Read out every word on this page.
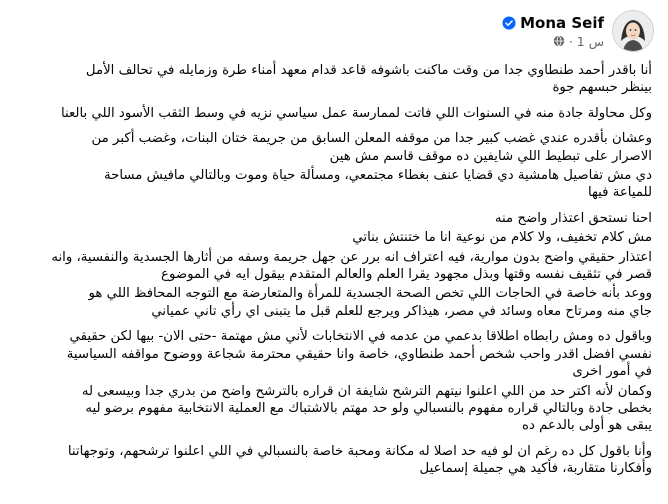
Mona Seif
1 س
·

أنا باقدر أحمد طنطاوي جدا من وقت ماكنت باشوفه قاعد قدام معهد أمناء طرة وزمايله في تحالف الأمل
بينظر حبسهم جوة

وكل محاولة جادة منه في السنوات اللي فاتت لممارسة عمل سياسي نزيه في وسط الثقب الأسود اللي بالعنا

وعشان بأقدره عندي غضب كبير جدا من موقفه المعلن السابق من جريمة ختان البنات، وغضب أكبر من
الاصرار على تبطيط اللي شايفين ده موقف قاسم مش هين

دي مش تفاصيل هامشية دي قضايا عنف بغطاء مجتمعي، ومسألة حياة وموت وبالتالي مافيش مساحة
للمياعة فيها

احنا نستحق اعتذار واضح منه

مش كلام تخفيف، ولا كلام من نوعية انا ما ختنتش بناتي

اعتذار حقيقي واضح بدون موارية، فيه اعتراف انه برر عن جهل جريمة وسفه من أثارها الجسدية والنفسية، وانه
قصر في تثقيف نفسه وقتها وبذل مجهود يقرا العلم والعالم المتقدم بيقول ايه في الموضوع

ووعد بأنه خاصة في الحاجات اللي تخص الصحة الجسدية للمرأة والمتعارضة مع التوجه المحافظ اللي هو
جاي منه ومرتاح معاه وسائد في مصر، هيذاكر ويرجع للعلم قبل ما يتبنى اي رأي تاني عمياني

وباقول ده ومش رابطاه اطلاقا بدعمي من عدمه في الانتخابات لأني مش مهتمة -حتى الان- بيها لكن حقيقي
نفسي افضل اقدر واحب شخص أحمد طنطاوي، خاصة وانا حقيقي محترمة شجاعة ووضوح مواقفه السياسية
في أمور اخرى

وكمان لأنه اكتر حد من اللي اعلنوا نيتهم الترشح شايفة ان قراره بالترشح واضح من بدري جدا وبيسعى له
بخطى جادة وبالتالي قراره مفهوم بالنسبالي ولو حد مهتم بالاشتباك مع العملية الانتخابية مفهوم برضو ليه
يبقى هو أولى بالدعم ده

وأنا باقول كل ده رغم ان لو فيه حد اصلا له مكانة ومحبة خاصة بالنسبالي في اللي اعلنوا ترشحهم، وتوجهاتنا
وأفكارنا متقاربة، فأكيد هي جميلة إسماعيل
